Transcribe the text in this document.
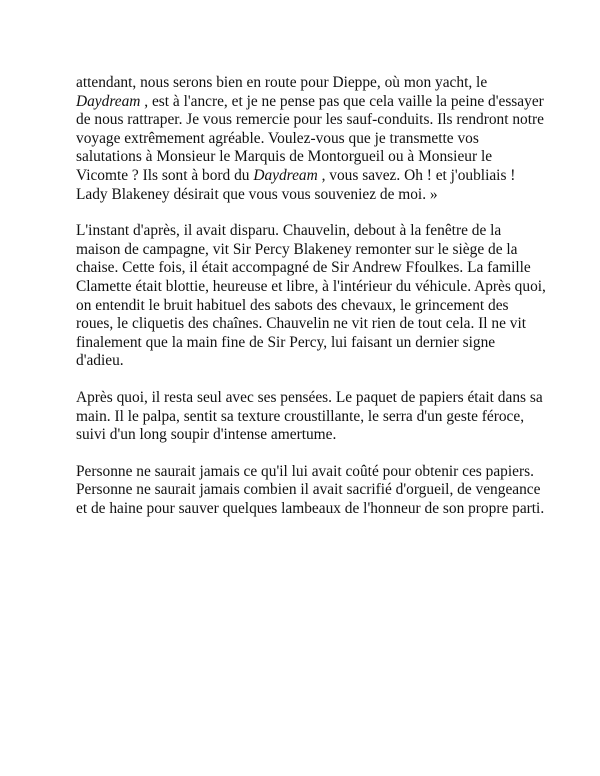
attendant, nous serons bien en route pour Dieppe, où mon yacht, le Daydream , est à l'ancre, et je ne pense pas que cela vaille la peine d'essayer de nous rattraper. Je vous remercie pour les sauf-conduits. Ils rendront notre voyage extrêmement agréable. Voulez-vous que je transmette vos salutations à Monsieur le Marquis de Montorgueil ou à Monsieur le Vicomte ? Ils sont à bord du Daydream , vous savez. Oh ! et j'oubliais ! Lady Blakeney désirait que vous vous souveniez de moi. »

L'instant d'après, il avait disparu. Chauvelin, debout à la fenêtre de la maison de campagne, vit Sir Percy Blakeney remonter sur le siège de la chaise. Cette fois, il était accompagné de Sir Andrew Ffoulkes. La famille Clamette était blottie, heureuse et libre, à l'intérieur du véhicule. Après quoi, on entendit le bruit habituel des sabots des chevaux, le grincement des roues, le cliquetis des chaînes. Chauvelin ne vit rien de tout cela. Il ne vit finalement que la main fine de Sir Percy, lui faisant un dernier signe d'adieu.

Après quoi, il resta seul avec ses pensées. Le paquet de papiers était dans sa main. Il le palpa, sentit sa texture croustillante, le serra d'un geste féroce, suivi d'un long soupir d'intense amertume.

Personne ne saurait jamais ce qu'il lui avait coûté pour obtenir ces papiers. Personne ne saurait jamais combien il avait sacrifié d'orgueil, de vengeance et de haine pour sauver quelques lambeaux de l'honneur de son propre parti.
